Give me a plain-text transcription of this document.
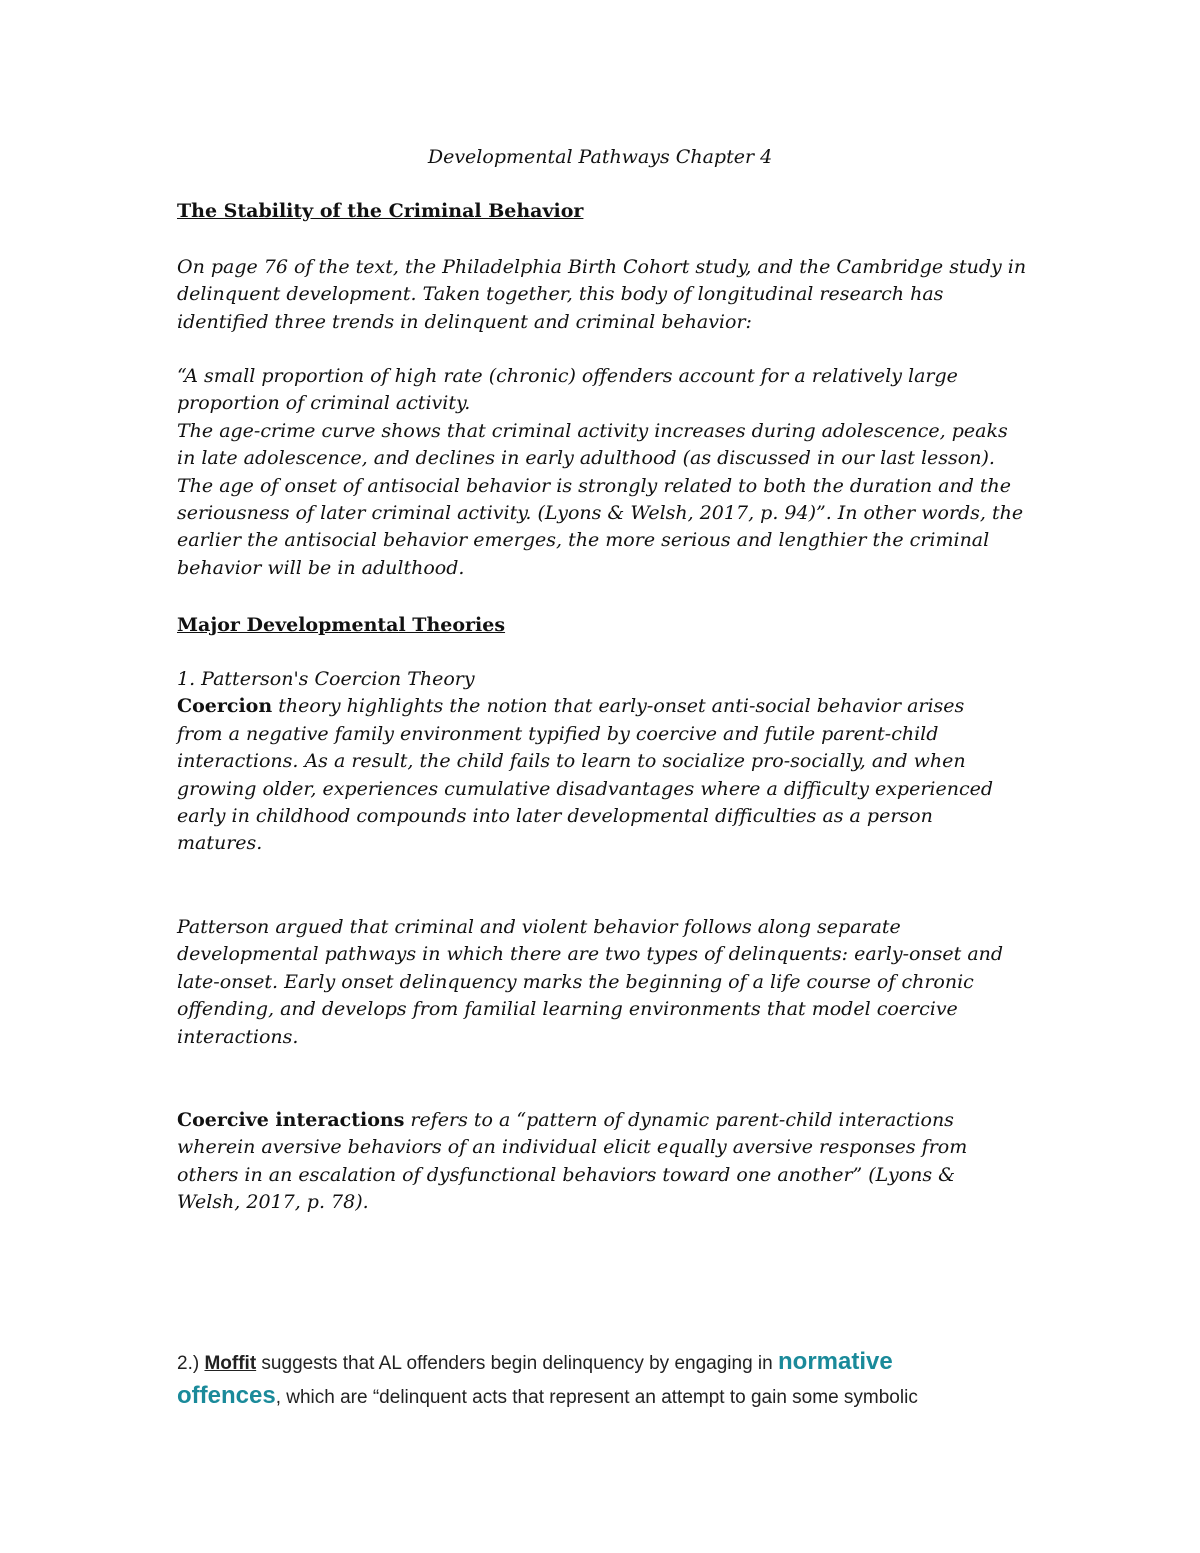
Developmental Pathways Chapter 4
The Stability of the Criminal Behavior

On page 76 of the text, the Philadelphia Birth Cohort study, and the Cambridge study in
delinquent development. Taken together, this body of longitudinal research has
identified three trends in delinquent and criminal behavior:

“A small proportion of high rate (chronic) offenders account for a relatively large
proportion of criminal activity.
The age-crime curve shows that criminal activity increases during adolescence, peaks
in late adolescence, and declines in early adulthood (as discussed in our last lesson).
The age of onset of antisocial behavior is strongly related to both the duration and the
seriousness of later criminal activity. (Lyons & Welsh, 2017, p. 94)”. In other words, the
earlier the antisocial behavior emerges, the more serious and lengthier the criminal
behavior will be in adulthood.

Major Developmental Theories

1. Patterson's Coercion Theory
Coercion theory highlights the notion that early-onset anti-social behavior arises
from a negative family environment typified by coercive and futile parent-child
interactions. As a result, the child fails to learn to socialize pro-socially, and when
growing older, experiences cumulative disadvantages where a difficulty experienced
early in childhood compounds into later developmental difficulties as a person
matures.

Patterson argued that criminal and violent behavior follows along separate
developmental pathways in which there are two types of delinquents: early-onset and
late-onset. Early onset delinquency marks the beginning of a life course of chronic
offending, and develops from familial learning environments that model coercive
interactions.

Coercive interactions refers to a “pattern of dynamic parent-child interactions
wherein aversive behaviors of an individual elicit equally aversive responses from
others in an escalation of dysfunctional behaviors toward one another” (Lyons &
Welsh, 2017, p. 78).

2.) Moffit suggests that AL offenders begin delinquency by engaging in normative
offences, which are “delinquent acts that represent an attempt to gain some symbolic
